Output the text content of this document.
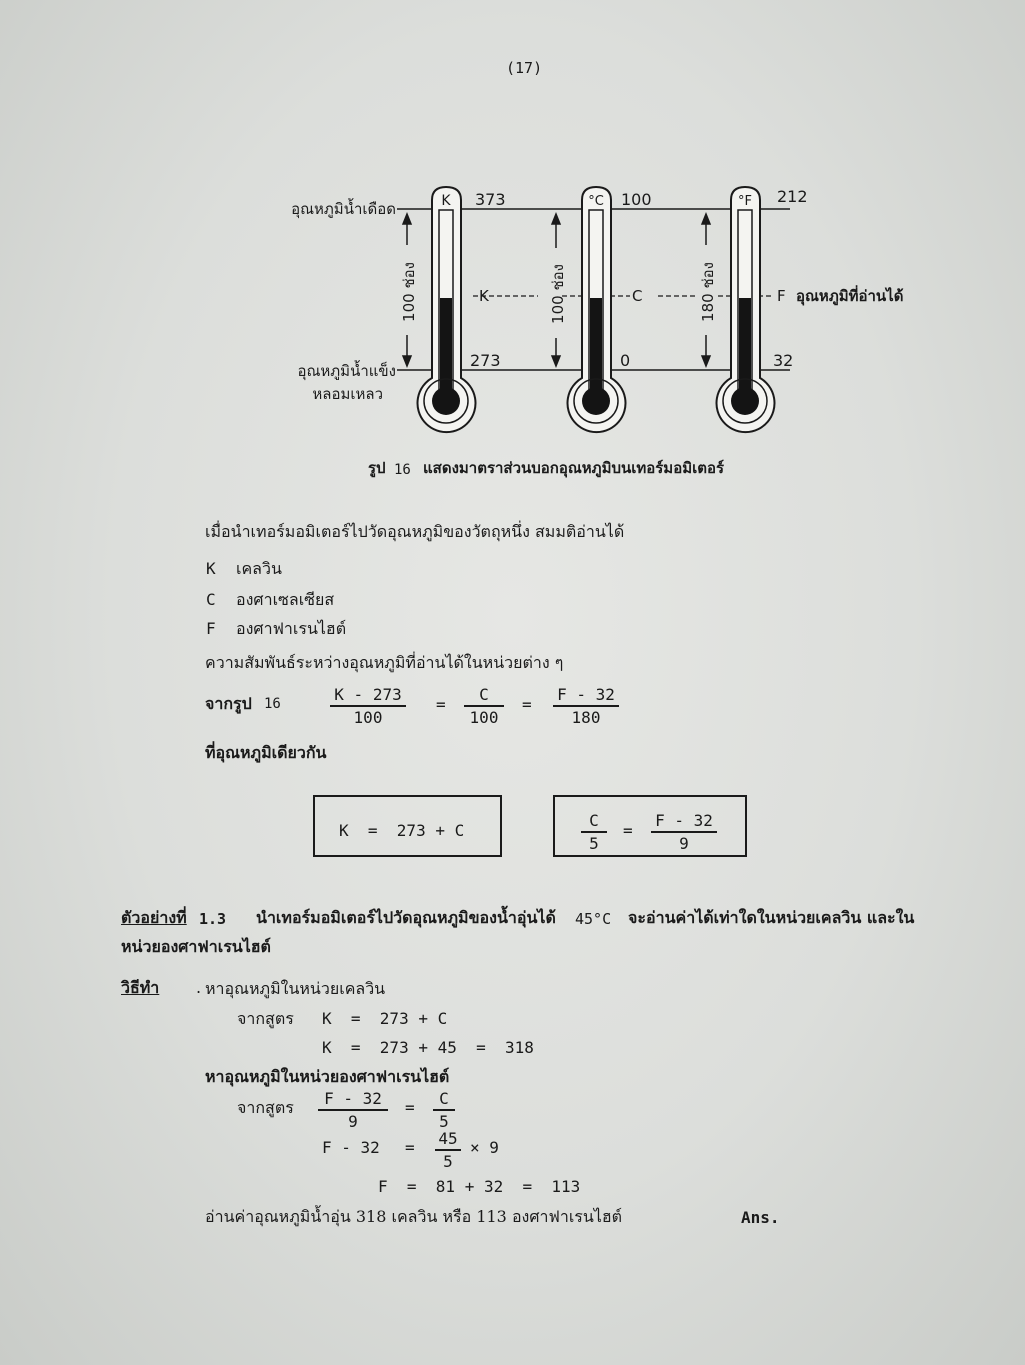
(17)
100 ช่อง	100 ช่อง	180 ช่อง
K	°C	°F
373
273
100
0
212
32
K	C	F อุณหภูมิที่อ่านได้
อุณหภูมิน้ำเดือด
อุณหภูมิน้ำแข็ง
หลอมเหลว
รูป 16 แสดงมาตราส่วนบอกอุณหภูมิบนเทอร์มอมิเตอร์
เมื่อนำเทอร์มอมิเตอร์ไปวัดอุณหภูมิของวัตถุหนึ่ง สมมติอ่านได้
K เคลวิน
C องศาเซลเซียส
F องศาฟาเรนไฮต์
ความสัมพันธ์ระหว่างอุณหภูมิที่อ่านได้ในหน่วยต่าง ๆ
จากรูป 16	$\frac{K - 273}{100} = \frac{C}{100} = \frac{F - 32}{180}$
ที่อุณหภูมิเดียวกัน
K  =  273 + C	$\frac{C}{5} = \frac{F - 32}{9}$
ตัวอย่างที่ 1.3 นำเทอร์มอมิเตอร์ไปวัดอุณหภูมิของน้ำอุ่นได้ 45°C จะอ่านค่าได้เท่าใดในหน่วยเคลวิน และใน
หน่วยองศาฟาเรนไฮต์
วิธีทำ . หาอุณหภูมิในหน่วยเคลวิน
จากสูตร K  =  273 + C
K  =  273 + 45  =  318
หาอุณหภูมิในหน่วยองศาฟาเรนไฮต์
จากสูตร $\frac{F - 32}{9} = \frac{C}{5}$
$F - 32 = \frac{45}{5} \times 9$
F  =  81 + 32  =  113
อ่านค่าอุณหภูมิน้ำอุ่น 318 เคลวิน หรือ 113 องศาฟาเรนไฮต์	Ans.
